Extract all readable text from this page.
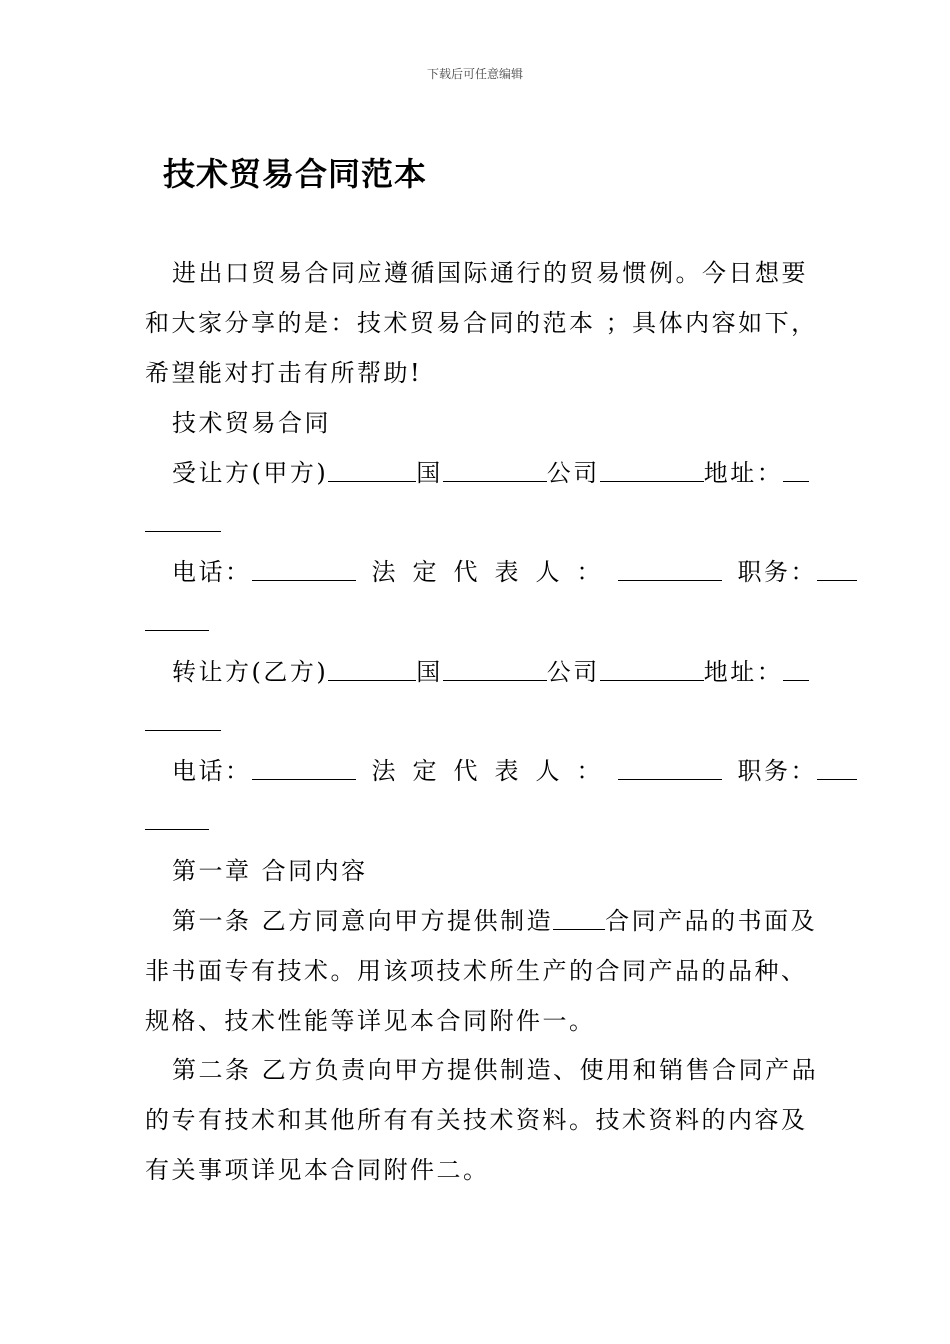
下载后可任意编辑
技术贸易合同范本
进出口贸易合同应遵循国际通行的贸易惯例。今日想要
和大家分享的是：技术贸易合同的范本 ；具体内容如下，
希望能对打击有所帮助!
技术贸易合同
受让方(甲方)	国	公司	地址：
电话：	法定代表人：	职务：
转让方(乙方)	国	公司	地址：
电话：	法定代表人：	职务：
第一章 合同内容
第一条 乙方同意向甲方提供制造 合同产品的书面及
非书面专有技术。用该项技术所生产的合同产品的品种、
规格、技术性能等详见本合同附件一。
第二条 乙方负责向甲方提供制造、使用和销售合同产品
的专有技术和其他所有有关技术资料。技术资料的内容及
有关事项详见本合同附件二。
